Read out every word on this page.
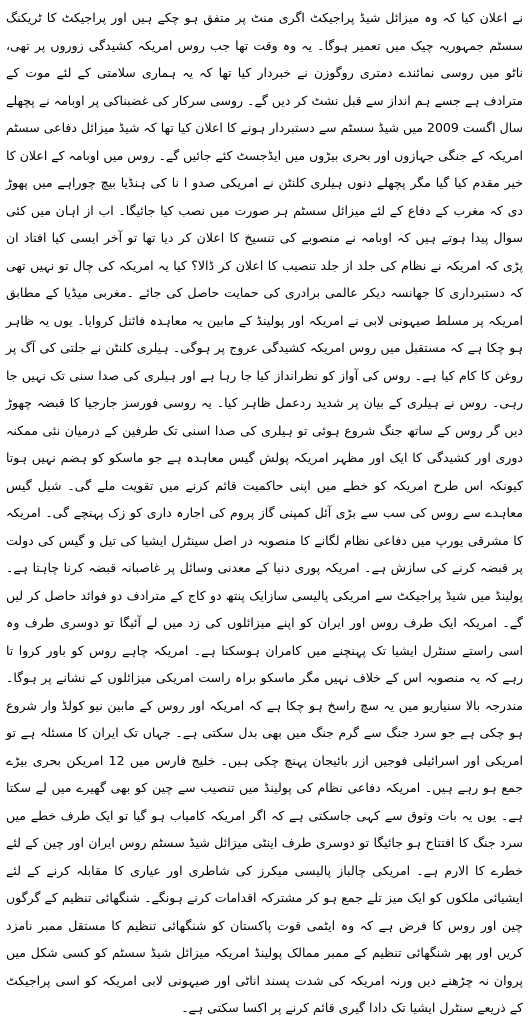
نے اعلان کیا کہ وہ میزائل شیڈ پراجیکٹ اگری منٹ پر متفق ہو چکے ہیں اور پراجیکٹ کا ٹریکنگ سسٹم جمہوریہ چیک میں تعمیر ہوگا۔ یہ وہ وقت تھا جب روس امریکہ کشیدگی زوروں پر تھی، ناٹو میں روسی نمائندے دمتری روگوزن نے خبردار کیا تھا کہ یہ ہماری سلامتی کے لئے موت کے مترادف ہے جسے ہم انداز سے قبل نشٹ کر دیں گے۔ روسی سرکار کی غضبناکی پر اوبامہ نے پچھلے سال اگست 2009 میں شیڈ سسٹم سے دستبردار ہونے کا اعلان کیا تھا کہ شیڈ میزائل دفاعی سسٹم امریکہ کے جنگی جہازوں اور بحری بیڑوں میں ایڈجسٹ کئے جائیں گے۔ روس میں اوبامہ کے اعلان کا خیر مقدم کیا گیا مگر پچھلے دنوں ہیلری کلنٹن نے امریکی صدو ا نا کی ہنڈیا بیچ چوراہے میں پھوڑ دی کہ مغرب کے دفاع کے لئے میزائل سسٹم ہر صورت میں نصب کیا جائیگا۔ اب از اہان میں کئی سوال پیدا ہوتے ہیں کہ اوبامہ نے منصوبے کی تنسیخ کا اعلان کر دیا تھا تو آخر ایسی کیا افتاد ان پڑی کہ امریکہ نے نظام کی جلد از جلد تنصیب کا اعلان کر ڈالا؟ کیا یہ امریکہ کی چال تو نہیں تھی کہ دستبرداری کا جھانسہ دیکر عالمی برادری کی حمایت حاصل کی جائے ۔مغربی میڈیا کے مطابق امریکہ پر مسلط صیہونی لابی نے امریکہ اور پولینڈ کے مابین یہ معاہدہ فائنل کروایا۔ یوں یہ ظاہر ہو چکا ہے کہ مستقبل میں روس امریکہ کشیدگی عروج پر ہوگی۔ ہیلری کلنٹن نے جلتی کی آگ پر روغن کا کام کیا ہے۔ روس کی آواز کو نظرانداز کیا جا رہا ہے اور ہیلری کی صدا سنی تک نہیں جا رہی۔ روس نے ہیلری کے بیان پر شدید ردعمل ظاہر کیا۔ یہ روسی فورسز جارجیا کا قبضہ چھوڑ دیں گر روس کے ساتھ جنگ شروع ہوئی تو ہیلری کی صدا اسنی تک طرفین کے درمیان نئی ممکنہ دوری اور کشیدگی کا ایک اور مظہر امریکہ پولش گیس معاہدہ ہے جو ماسکو کو ہضم نہیں ہوتا کیونکہ اس طرح امریکہ کو خطے میں اپنی حاکمیت قائم کرنے میں تقویت ملے گی۔ شیل گیس معاہدے سے روس کی سب سے بڑی آئل کمپنی گاز پروم کی اجارہ داری کو زک پہنچے گی۔ امریکہ کا مشرقی یورپ میں دفاعی نظام لگانے کا منصوبہ در اصل سینٹرل ایشیا کی تیل و گیس کی دولت پر قبضہ کرنے کی سازش ہے۔ امریکہ پوری دنیا کے معدنی وسائل پر غاصبانہ قبضہ کرنا چاہتا ہے۔ پولینڈ میں شیڈ پراجیکٹ سے امریکی پالیسی سازایک پنتھ دو کاج کے مترادف دو فوائد حاصل کر لیں گے۔ امریکہ ایک طرف روس اور ایران کو اپنے میزائلوں کی زد میں لے آئیگا تو دوسری طرف وہ اسی راستے سنٹرل ایشیا تک پہنچنے میں کامران ہوسکتا ہے۔ امریکہ چاہے روس کو باور کروا تا رہے کہ یہ منصوبہ اس کے خلاف نہیں مگر ماسکو براہ راست امریکی میزائلوں کے نشانے پر ہوگا۔ مندرجہ بالا سنیاریو میں یہ سچ راسخ ہو چکا ہے کہ امریکہ اور روس کے مابین نیو کولڈ وار شروع ہو چکی ہے جو سرد جنگ سے گرم جنگ میں بھی بدل سکتی ہے۔ جہاں تک ایران کا مسئلہ ہے تو امریکی اور اسرائیلی فوجیں ازر بائیجان پہنچ چکی ہیں۔ خلیج فارس میں 12 امریکن بحری بیڑے جمع ہو رہے ہیں۔ امریکہ دفاعی نظام کی پولینڈ میں تنصیب سے چین کو بھی گھیرے میں لے سکتا ہے۔ یوں یہ بات وثوق سے کہی جاسکتی ہے کہ اگر امریکہ کامیاب ہو گیا تو ایک طرف خطے میں سرد جنگ کا افتتاح ہو جائیگا تو دوسری طرف اینٹی میزائل شیڈ سسٹم روس ایران اور چین کے لئے خطرے کا الارم ہے۔ امریکی چالباز پالیسی میکرز کی شاطری اور عیاری کا مقابلہ کرنے کے لئے ایشیائی ملکوں کو ایک میز تلے جمع ہو کر مشترکہ اقدامات کرنے ہونگے۔ شنگھائی تنظیم کے گرگوں چین اور روس کا فرض ہے کہ وہ ایٹمی قوت پاکستان کو شنگھائی تنظیم کا مستقل ممبر نامزد کریں اور پھر شنگھائی تنظیم کے ممبر ممالک پولینڈ امریکہ میزائل شیڈ سسٹم کو کسی شکل میں پروان نہ چڑھنے دیں ورنہ امریکہ کی شدت پسند اناٹی اور صیہونی لابی امریکہ کو اسی پراجیکٹ کے ذریعے سنٹرل ایشیا تک دادا گیری قائم کرنے پر اکسا سکتی ہے۔
